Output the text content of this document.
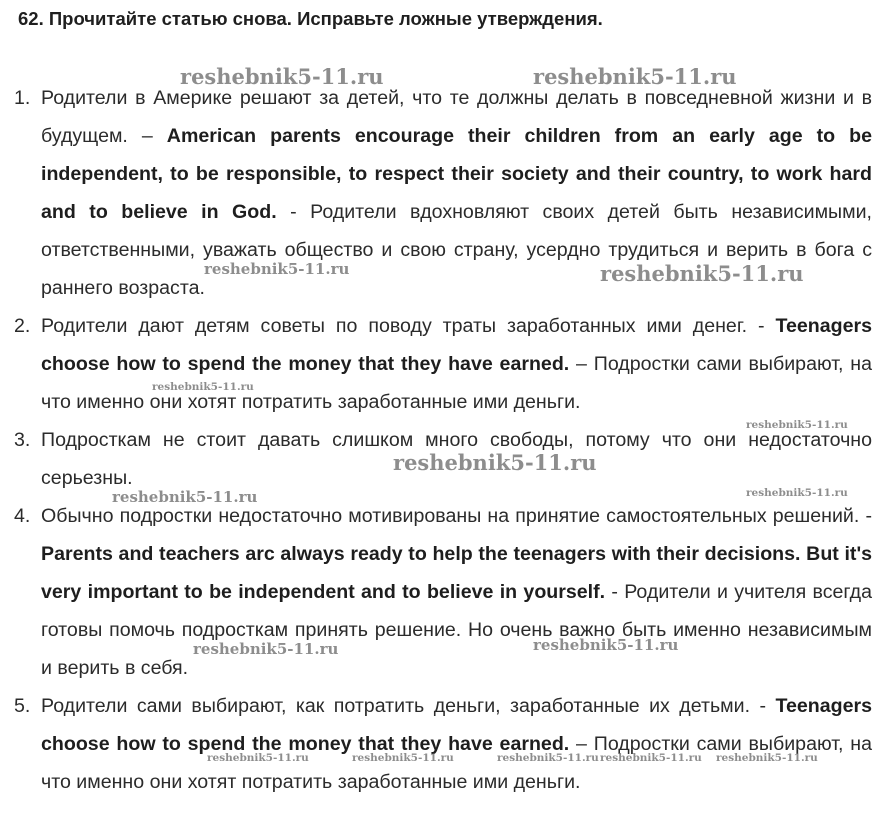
62. Прочитайте статью снова. Исправьте ложные утверждения.
1. Родители в Америке решают за детей, что те должны делать в повседневной жизни и в будущем. – American parents encourage their children from an early age to be independent, to be responsible, to respect their society and their country, to work hard and to believe in God. - Родители вдохновляют своих детей быть независимыми, ответственными, уважать общество и свою страну, усердно трудиться и верить в бога с раннего возраста.
2. Родители дают детям советы по поводу траты заработанных ими денег. - Teenagers choose how to spend the money that they have earned. – Подростки сами выбирают, на что именно они хотят потратить заработанные ими деньги.
3. Подросткам не стоит давать слишком много свободы, потому что они недостаточно серьезны.
4. Обычно подростки недостаточно мотивированы на принятие самостоятельных решений. - Parents and teachers arc always ready to help the teenagers with their decisions. But it's very important to be independent and to believe in yourself. - Родители и учителя всегда готовы помочь подросткам принять решение. Но очень важно быть именно независимым и верить в себя.
5. Родители сами выбирают, как потратить деньги, заработанные их детьми. - Teenagers choose how to spend the money that they have earned. – Подростки сами выбирают, на что именно они хотят потратить заработанные ими деньги.
reshebnik5-11.ru	reshebnik5-11.ru
reshebnik5-11.ru	reshebnik5-11.ru
reshebnik5-11.ru
reshebnik5-11.ru
reshebnik5-11.ru
reshebnik5-11.ru	reshebnik5-11.ru
reshebnik5-11.ru	reshebnik5-11.ru
reshebnik5-11.ru	reshebnik5-11.ru	reshebnik5-11.ru	reshebnik5-11.ru
reshebnik5-11.ru
